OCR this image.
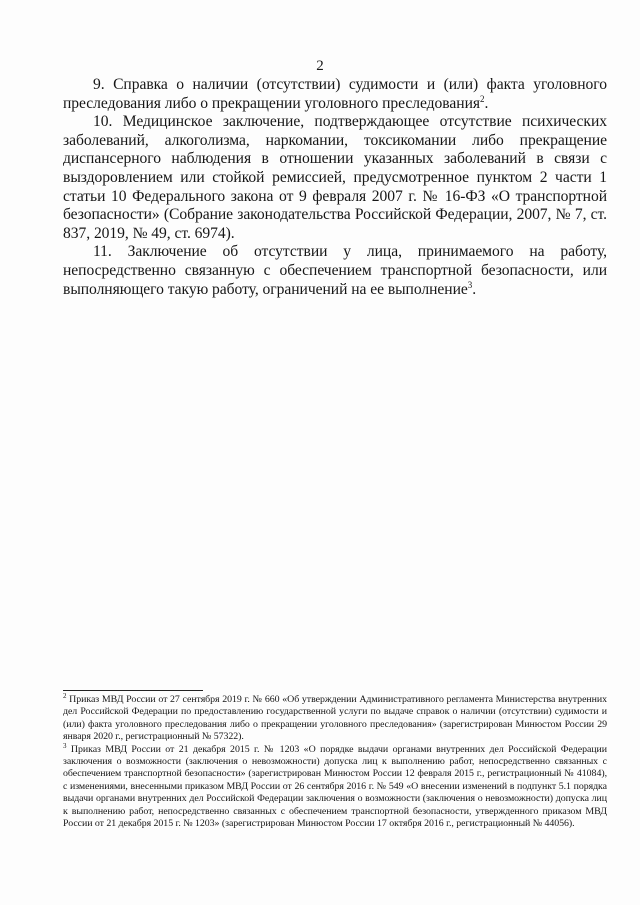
2

9. Справка о наличии (отсутствии) судимости и (или) факта уголовного преследования либо о прекращении уголовного преследования$^2$.

10. Медицинское заключение, подтверждающее отсутствие психических заболеваний, алкоголизма, наркомании, токсикомании либо прекращение диспансерного наблюдения в отношении указанных заболеваний в связи с выздоровлением или стойкой ремиссией, предусмотренное пунктом 2 части 1 статьи 10 Федерального закона от 9 февраля 2007 г. № 16-ФЗ «О транспортной безопасности» (Собрание законодательства Российской Федерации, 2007, № 7, ст. 837, 2019, № 49, ст. 6974).

11. Заключение об отсутствии у лица, принимаемого на работу, непосредственно связанную с обеспечением транспортной безопасности, или выполняющего такую работу, ограничений на ее выполнение$^3$.

$^2$ Приказ МВД России от 27 сентября 2019 г. № 660 «Об утверждении Административного регламента Министерства внутренних дел Российской Федерации по предоставлению государственной услуги по выдаче справок о наличии (отсутствии) судимости и (или) факта уголовного преследования либо о прекращении уголовного преследования» (зарегистрирован Минюстом России 29 января 2020 г., регистрационный № 57322).

$^3$ Приказ МВД России от 21 декабря 2015 г. № 1203 «О порядке выдачи органами внутренних дел Российской Федерации заключения о возможности (заключения о невозможности) допуска лиц к выполнению работ, непосредственно связанных с обеспечением транспортной безопасности» (зарегистрирован Минюстом России 12 февраля 2015 г., регистрационный № 41084), с изменениями, внесенными приказом МВД России от 26 сентября 2016 г. № 549 «О внесении изменений в подпункт 5.1 порядка выдачи органами внутренних дел Российской Федерации заключения о возможности (заключения о невозможности) допуска лиц к выполнению работ, непосредственно связанных с обеспечением транспортной безопасности, утвержденного приказом МВД России от 21 декабря 2015 г. № 1203» (зарегистрирован Минюстом России 17 октября 2016 г., регистрационный № 44056).
